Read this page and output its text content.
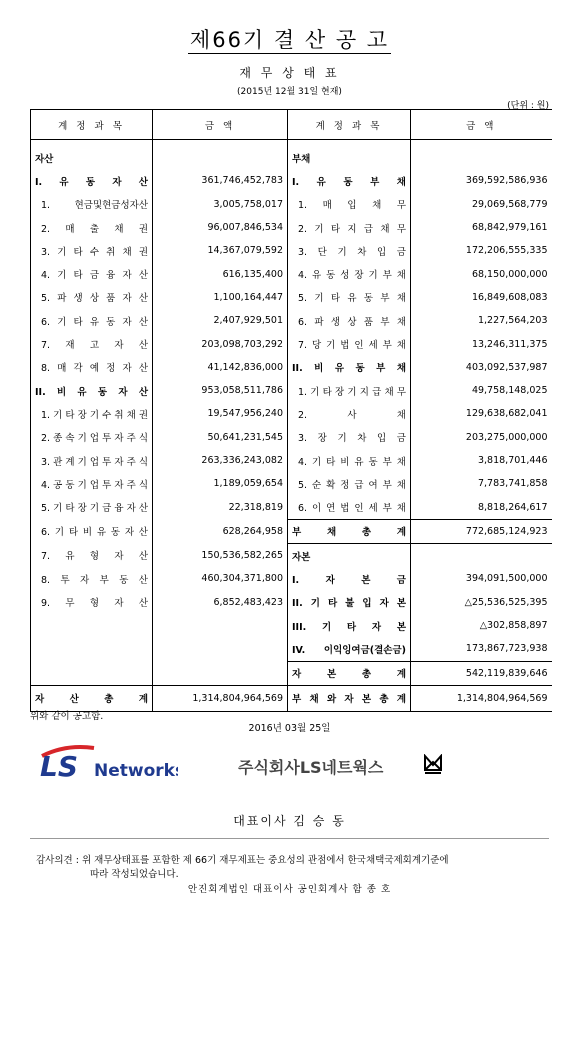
제66기 결 산 공 고
재 무 상 태 표
(2015년 12월 31일 현재)
(단위 : 원)
계 정 과 목	금 액	계 정 과 목	금 액

자산		부채	
I. 유 동 자 산	361,746,452,783	I. 유 동 부 채	369,592,586,936
1. 현금및현금성자산	3,005,758,017	1. 매 입 채 무	29,069,568,779
2. 매 출 채 권	96,007,846,534	2. 기 타 지 급 채 무	68,842,979,161
3. 기 타 수 취 채 권	14,367,079,592	3. 단 기 차 입 금	172,206,555,335
4. 기 타 금 융 자 산	616,135,400	4. 유 동 성 장 기 부 채	68,150,000,000
5. 파 생 상 품 자 산	1,100,164,447	5. 기 타 유 동 부 채	16,849,608,083
6. 기 타 유 동 자 산	2,407,929,501	6. 파 생 상 품 부 채	1,227,564,203
7. 재 고 자 산	203,098,703,292	7. 당 기 법 인 세 부 채	13,246,311,375
8. 매 각 예 정 자 산	41,142,836,000	II. 비 유 동 부 채	403,092,537,987
II. 비 유 동 자 산	953,058,511,786	1. 기 타 장 기 지 급 채 무	49,758,148,025
1. 기 타 장 기 수 취 채 권	19,547,956,240	2. 사 채	129,638,682,041
2. 종 속 기 업 투 자 주 식	50,641,231,545	3. 장 기 차 입 금	203,275,000,000
3. 관 계 기 업 투 자 주 식	263,336,243,082	4. 기 타 비 유 동 부 채	3,818,701,446
4. 공 동 기 업 투 자 주 식	1,189,059,654	5. 순 확 정 급 여 부 채	7,783,741,858
5. 기 타 장 기 금 융 자 산	22,318,819	6. 이 연 법 인 세 부 채	8,818,264,617
6. 기 타 비 유 동 자 산	628,264,958	부 채 총 계	772,685,124,923
7. 유 형 자 산	150,536,582,265	자본	
8. 투 자 부 동 산	460,304,371,800	I. 자 본 금	394,091,500,000
9. 무 형 자 산	6,852,483,423	II. 기 타 불 입 자 본	△25,536,525,395
		III. 기 타 자 본	△302,858,897
		IV. 이익잉여금(결손금)	173,867,723,938
		자 본 총 계	542,119,839,646
자 산 총 계	1,314,804,964,569	부 채 와 자 본 총 계	1,314,804,964,569
위와 같이 공고함.
2016년 03월 25일
LS Networks	주식회사LS네트웍스
대표이사 김 승 동
감사의견 : 위 재무상태표를 포함한 제 66기 재무제표는 중요성의 관점에서 한국채택국제회계기준에
따라 작성되었습니다.
안진회계법인 대표이사 공인회계사 함 종 호
